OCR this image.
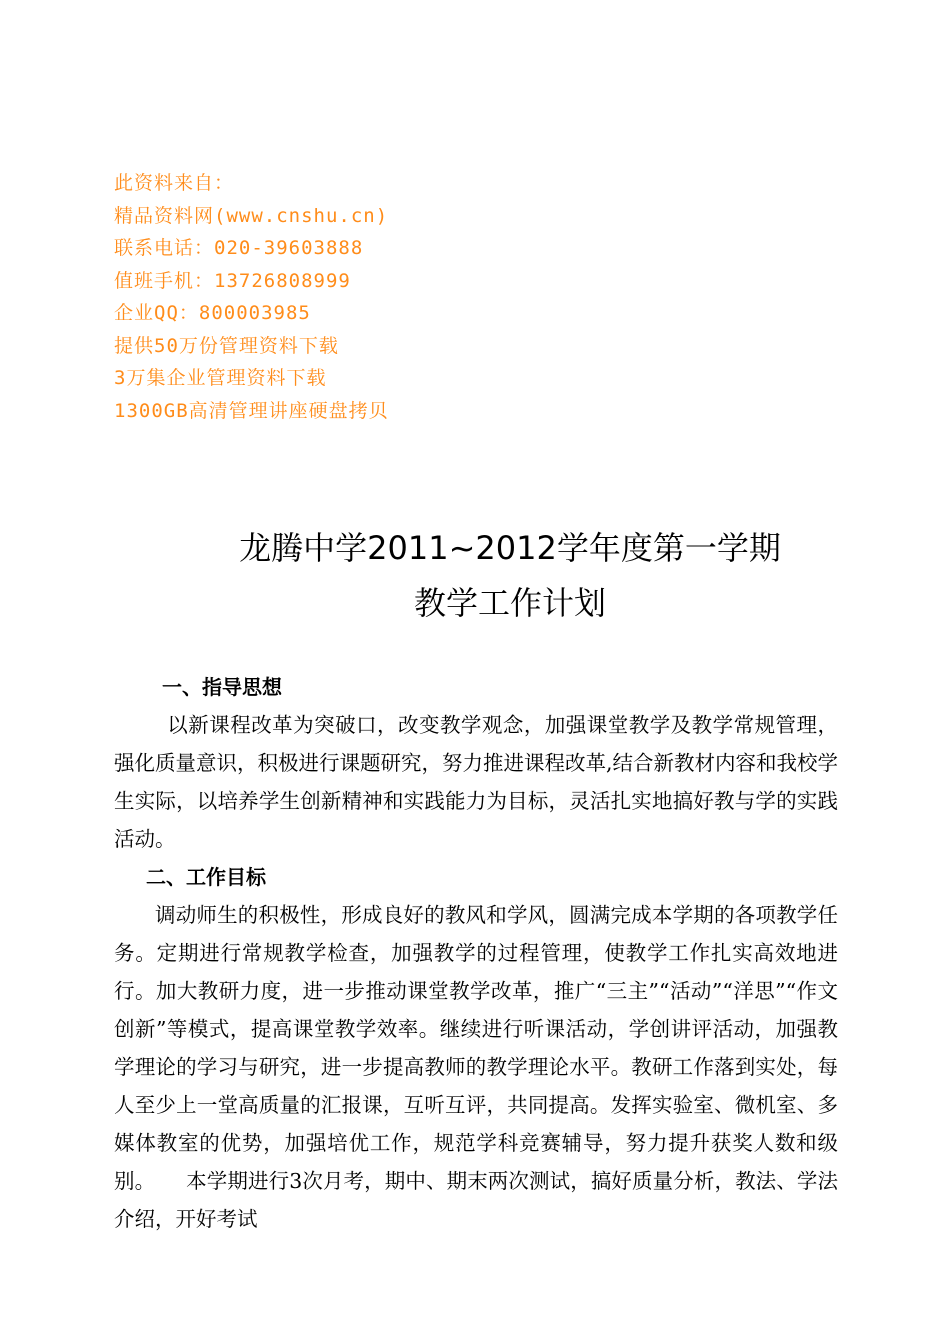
此资料来自：
精品资料网(www.cnshu.cn)
联系电话：020-39603888
值班手机：13726808999
企业QQ：800003985
提供50万份管理资料下载
3万集企业管理资料下载
1300GB高清管理讲座硬盘拷贝
龙腾中学2011~2012学年度第一学期
教学工作计划
一、指导思想

以新课程改革为突破口，改变教学观念，加强课堂教学及教学常规管理，强化质量意识，积极进行课题研究，努力推进课程改革,结合新教材内容和我校学生实际，以培养学生创新精神和实践能力为目标，灵活扎实地搞好教与学的实践活动。

二、工作目标

调动师生的积极性，形成良好的教风和学风，圆满完成本学期的各项教学任务。定期进行常规教学检查，加强教学的过程管理，使教学工作扎实高效地进行。加大教研力度，进一步推动课堂教学改革，推广“三主”“活动”“洋思”“作文创新”等模式，提高课堂教学效率。继续进行听课活动，学创讲评活动，加强教学理论的学习与研究，进一步提高教师的教学理论水平。教研工作落到实处，每人至少上一堂高质量的汇报课，互听互评，共同提高。发挥实验室、微机室、多媒体教室的优势，加强培优工作，规范学科竞赛辅导，努力提升获奖人数和级别。　　本学期进行3次月考，期中、期末两次测试，搞好质量分析，教法、学法介绍，开好考试
